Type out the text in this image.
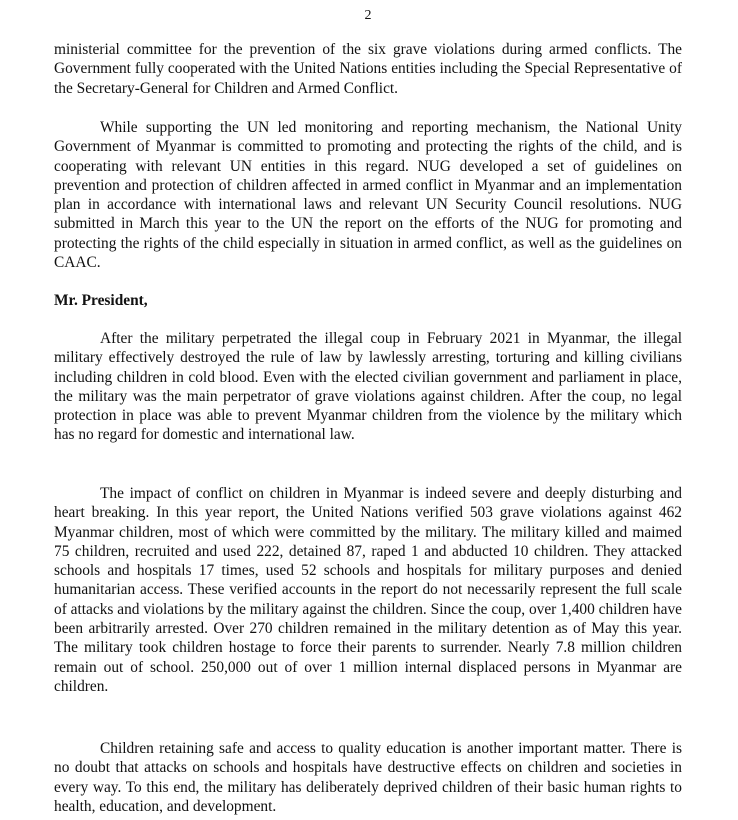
2

ministerial committee for the prevention of the six grave violations during armed conflicts. The Government fully cooperated with the United Nations entities including the Special Representative of the Secretary-General for Children and Armed Conflict.

While supporting the UN led monitoring and reporting mechanism, the National Unity Government of Myanmar is committed to promoting and protecting the rights of the child, and is cooperating with relevant UN entities in this regard. NUG developed a set of guidelines on prevention and protection of children affected in armed conflict in Myanmar and an implementation plan in accordance with international laws and relevant UN Security Council resolutions. NUG submitted in March this year to the UN the report on the efforts of the NUG for promoting and protecting the rights of the child especially in situation in armed conflict, as well as the guidelines on CAAC.

Mr. President,

After the military perpetrated the illegal coup in February 2021 in Myanmar, the illegal military effectively destroyed the rule of law by lawlessly arresting, torturing and killing civilians including children in cold blood. Even with the elected civilian government and parliament in place, the military was the main perpetrator of grave violations against children. After the coup, no legal protection in place was able to prevent Myanmar children from the violence by the military which has no regard for domestic and international law.

The impact of conflict on children in Myanmar is indeed severe and deeply disturbing and heart breaking. In this year report, the United Nations verified 503 grave violations against 462 Myanmar children, most of which were committed by the military. The military killed and maimed 75 children, recruited and used 222, detained 87, raped 1 and abducted 10 children. They attacked schools and hospitals 17 times, used 52 schools and hospitals for military purposes and denied humanitarian access. These verified accounts in the report do not necessarily represent the full scale of attacks and violations by the military against the children. Since the coup, over 1,400 children have been arbitrarily arrested. Over 270 children remained in the military detention as of May this year. The military took children hostage to force their parents to surrender. Nearly 7.8 million children remain out of school. 250,000 out of over 1 million internal displaced persons in Myanmar are children.

Children retaining safe and access to quality education is another important matter. There is no doubt that attacks on schools and hospitals have destructive effects on children and societies in every way. To this end, the military has deliberately deprived children of their basic human rights to health, education, and development.
